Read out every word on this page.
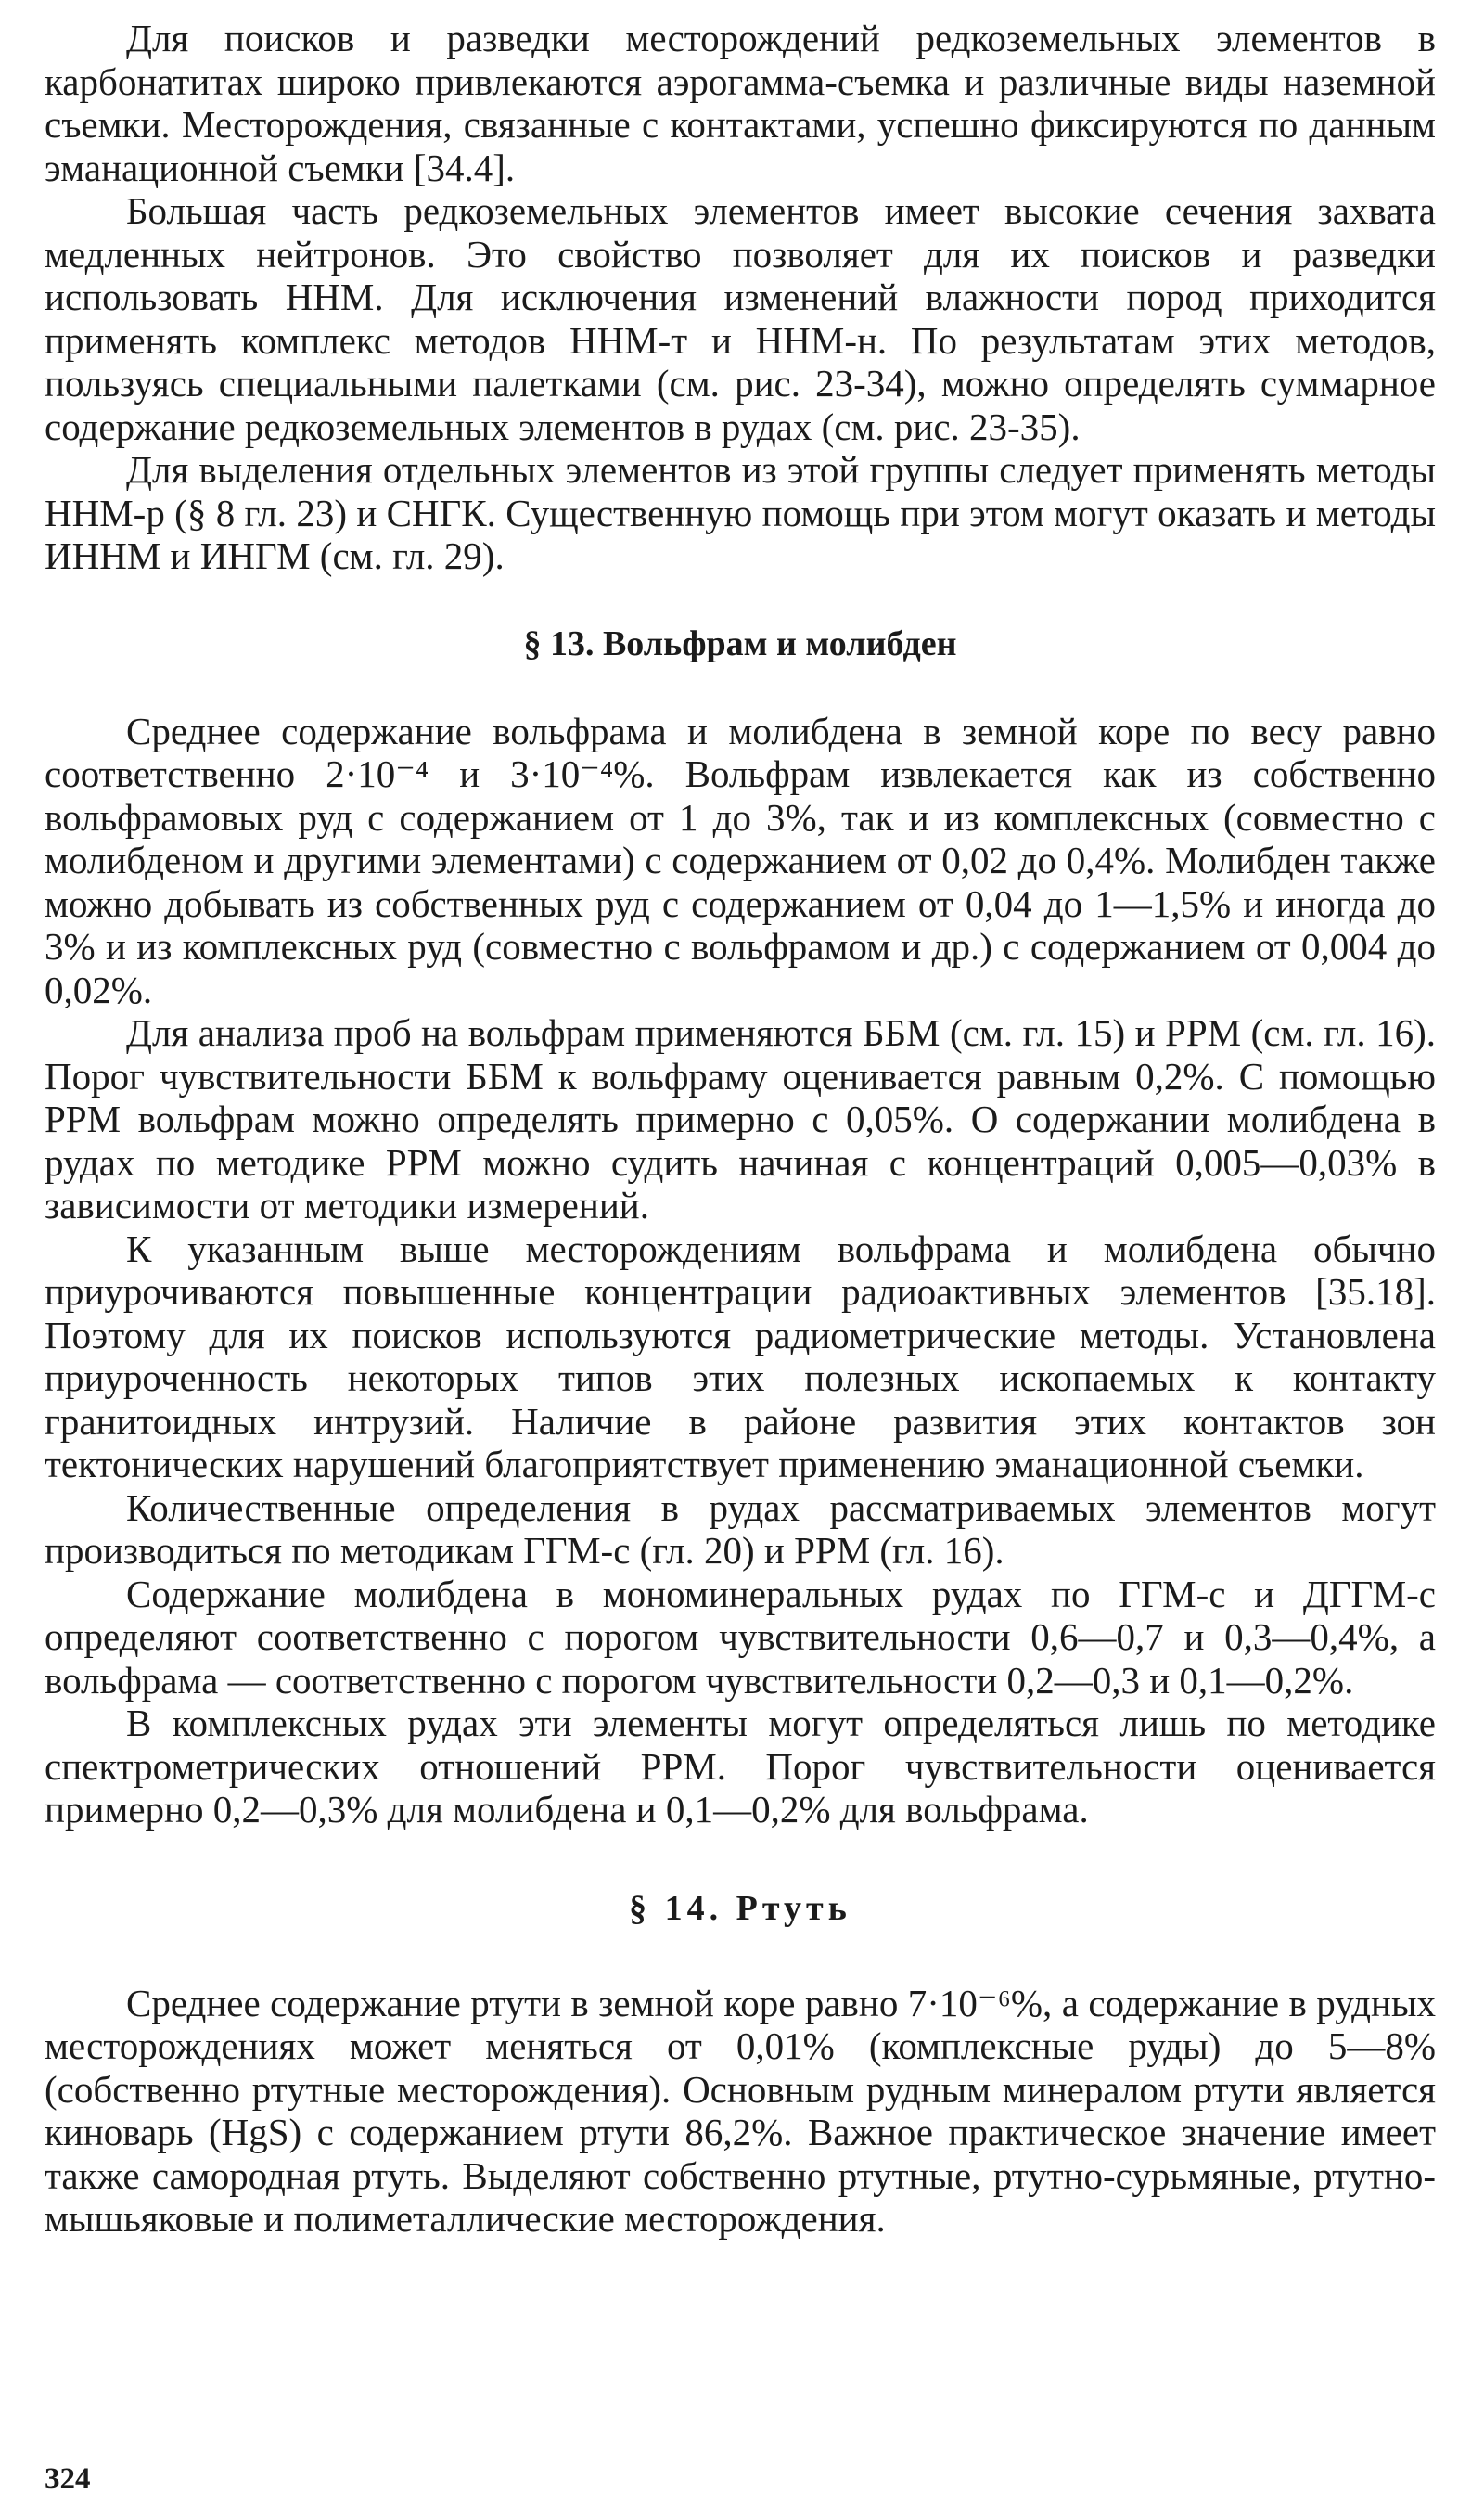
Для поисков и разведки месторождений редкоземельных элементов в карбонатитах широко привлекаются аэрогамма-съемка и различные виды наземной съемки. Месторождения, связанные с контактами, успешно фиксируются по данным эманационной съемки [34.4].

Большая часть редкоземельных элементов имеет высокие сечения захвата медленных нейтронов. Это свойство позволяет для их поисков и разведки использовать ННМ. Для исключения изменений влажности пород приходится применять комплекс методов ННМ-т и ННМ-н. По результатам этих методов, пользуясь специальными палетками (см. рис. 23-34), можно определять суммарное содержание редкоземельных элементов в рудах (см. рис. 23-35).

Для выделения отдельных элементов из этой группы следует применять методы ННМ-р (§ 8 гл. 23) и СНГК. Существенную помощь при этом могут оказать и методы ИННМ и ИНГМ (см. гл. 29).

§ 13. Вольфрам и молибден

Среднее содержание вольфрама и молибдена в земной коре по весу равно соответственно 2·10⁻⁴ и 3·10⁻⁴%. Вольфрам извлекается как из собственно вольфрамовых руд с содержанием от 1 до 3%, так и из комплексных (совместно с молибденом и другими элементами) с содержанием от 0,02 до 0,4%. Молибден также можно добывать из собственных руд с содержанием от 0,04 до 1—1,5% и иногда до 3% и из комплексных руд (совместно с вольфрамом и др.) с содержанием от 0,004 до 0,02%.

Для анализа проб на вольфрам применяются ББМ (см. гл. 15) и РРМ (см. гл. 16). Порог чувствительности ББМ к вольфраму оценивается равным 0,2%. С помощью РРМ вольфрам можно определять примерно с 0,05%. О содержании молибдена в рудах по методике РРМ можно судить начиная с концентраций 0,005—0,03% в зависимости от методики измерений.

К указанным выше месторождениям вольфрама и молибдена обычно приурочиваются повышенные концентрации радиоактивных элементов [35.18]. Поэтому для их поисков используются радиометрические методы. Установлена приуроченность некоторых типов этих полезных ископаемых к контакту гранитоидных интрузий. Наличие в районе развития этих контактов зон тектонических нарушений благоприятствует применению эманационной съемки.

Количественные определения в рудах рассматриваемых элементов могут производиться по методикам ГГМ-с (гл. 20) и РРМ (гл. 16).

Содержание молибдена в мономинеральных рудах по ГГМ-с и ДГГМ-с определяют соответственно с порогом чувствительности 0,6—0,7 и 0,3—0,4%, а вольфрама — соответственно с порогом чувствительности 0,2—0,3 и 0,1—0,2%.

В комплексных рудах эти элементы могут определяться лишь по методике спектрометрических отношений РРМ. Порог чувствительности оценивается примерно 0,2—0,3% для молибдена и 0,1—0,2% для вольфрама.

§ 14. Ртуть

Среднее содержание ртути в земной коре равно 7·10⁻⁶%, а содержание в рудных месторождениях может меняться от 0,01% (комплексные руды) до 5—8% (собственно ртутные месторождения). Основным рудным минералом ртути является киноварь (HgS) с содержанием ртути 86,2%. Важное практическое значение имеет также самородная ртуть. Выделяют собственно ртутные, ртутно-сурьмяные, ртутно-мышьяковые и полиметаллические месторождения.

324
